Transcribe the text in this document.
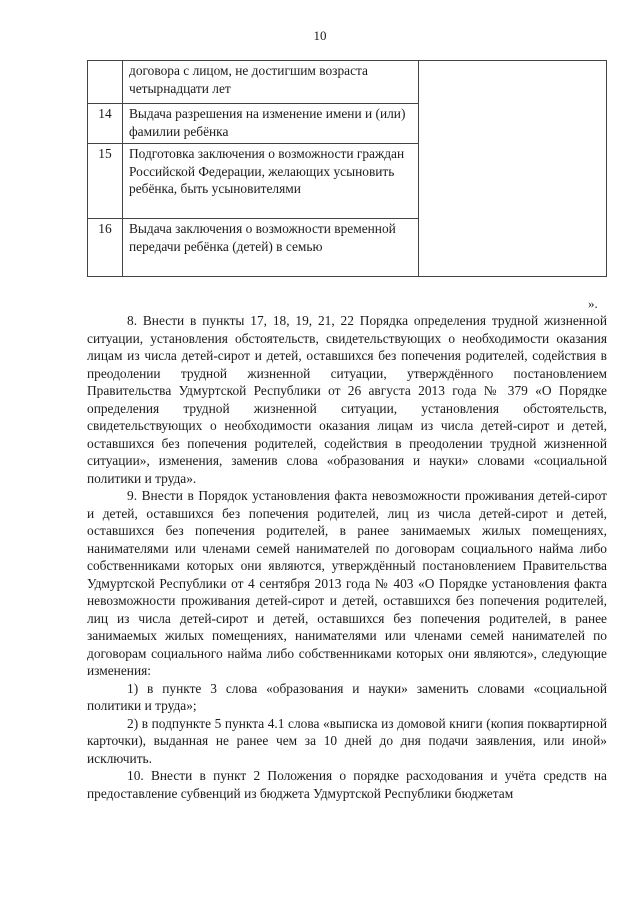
10
	договора с лицом, не достигшим возраста четырнадцати лет	
14	Выдача разрешения на изменение имени и (или) фамилии ребёнка	
15	Подготовка заключения о возможности граждан Российской Федерации, желающих усыновить ребёнка, быть усыновителями	
16	Выдача заключения о возможности временной передачи ребёнка (детей) в семью	
».

8. Внести в пункты 17, 18, 19, 21, 22 Порядка определения трудной жизненной ситуации, установления обстоятельств, свидетельствующих о необходимости оказания лицам из числа детей-сирот и детей, оставшихся без попечения родителей, содействия в преодолении трудной жизненной ситуации, утверждённого постановлением Правительства Удмуртской Республики от 26 августа 2013 года № 379 «О Порядке определения трудной жизненной ситуации, установления обстоятельств, свидетельствующих о необходимости оказания лицам из числа детей-сирот и детей, оставшихся без попечения родителей, содействия в преодолении трудной жизненной ситуации», изменения, заменив слова «образования и науки» словами «социальной политики и труда».

9. Внести в Порядок установления факта невозможности проживания детей-сирот и детей, оставшихся без попечения родителей, лиц из числа детей-сирот и детей, оставшихся без попечения родителей, в ранее занимаемых жилых помещениях, нанимателями или членами семей нанимателей по договорам социального найма либо собственниками которых они являются, утверждённый постановлением Правительства Удмуртской Республики от 4 сентября 2013 года № 403 «О Порядке установления факта невозможности проживания детей-сирот и детей, оставшихся без попечения родителей, лиц из числа детей-сирот и детей, оставшихся без попечения родителей, в ранее занимаемых жилых помещениях, нанимателями или членами семей нанимателей по договорам социального найма либо собственниками которых они являются», следующие изменения:

1) в пункте 3 слова «образования и науки» заменить словами «социальной политики и труда»;

2) в подпункте 5 пункта 4.1 слова «выписка из домовой книги (копия поквартирной карточки), выданная не ранее чем за 10 дней до дня подачи заявления, или иной» исключить.

10. Внести в пункт 2 Положения о порядке расходования и учёта средств на предоставление субвенций из бюджета Удмуртской Республики бюджетам
